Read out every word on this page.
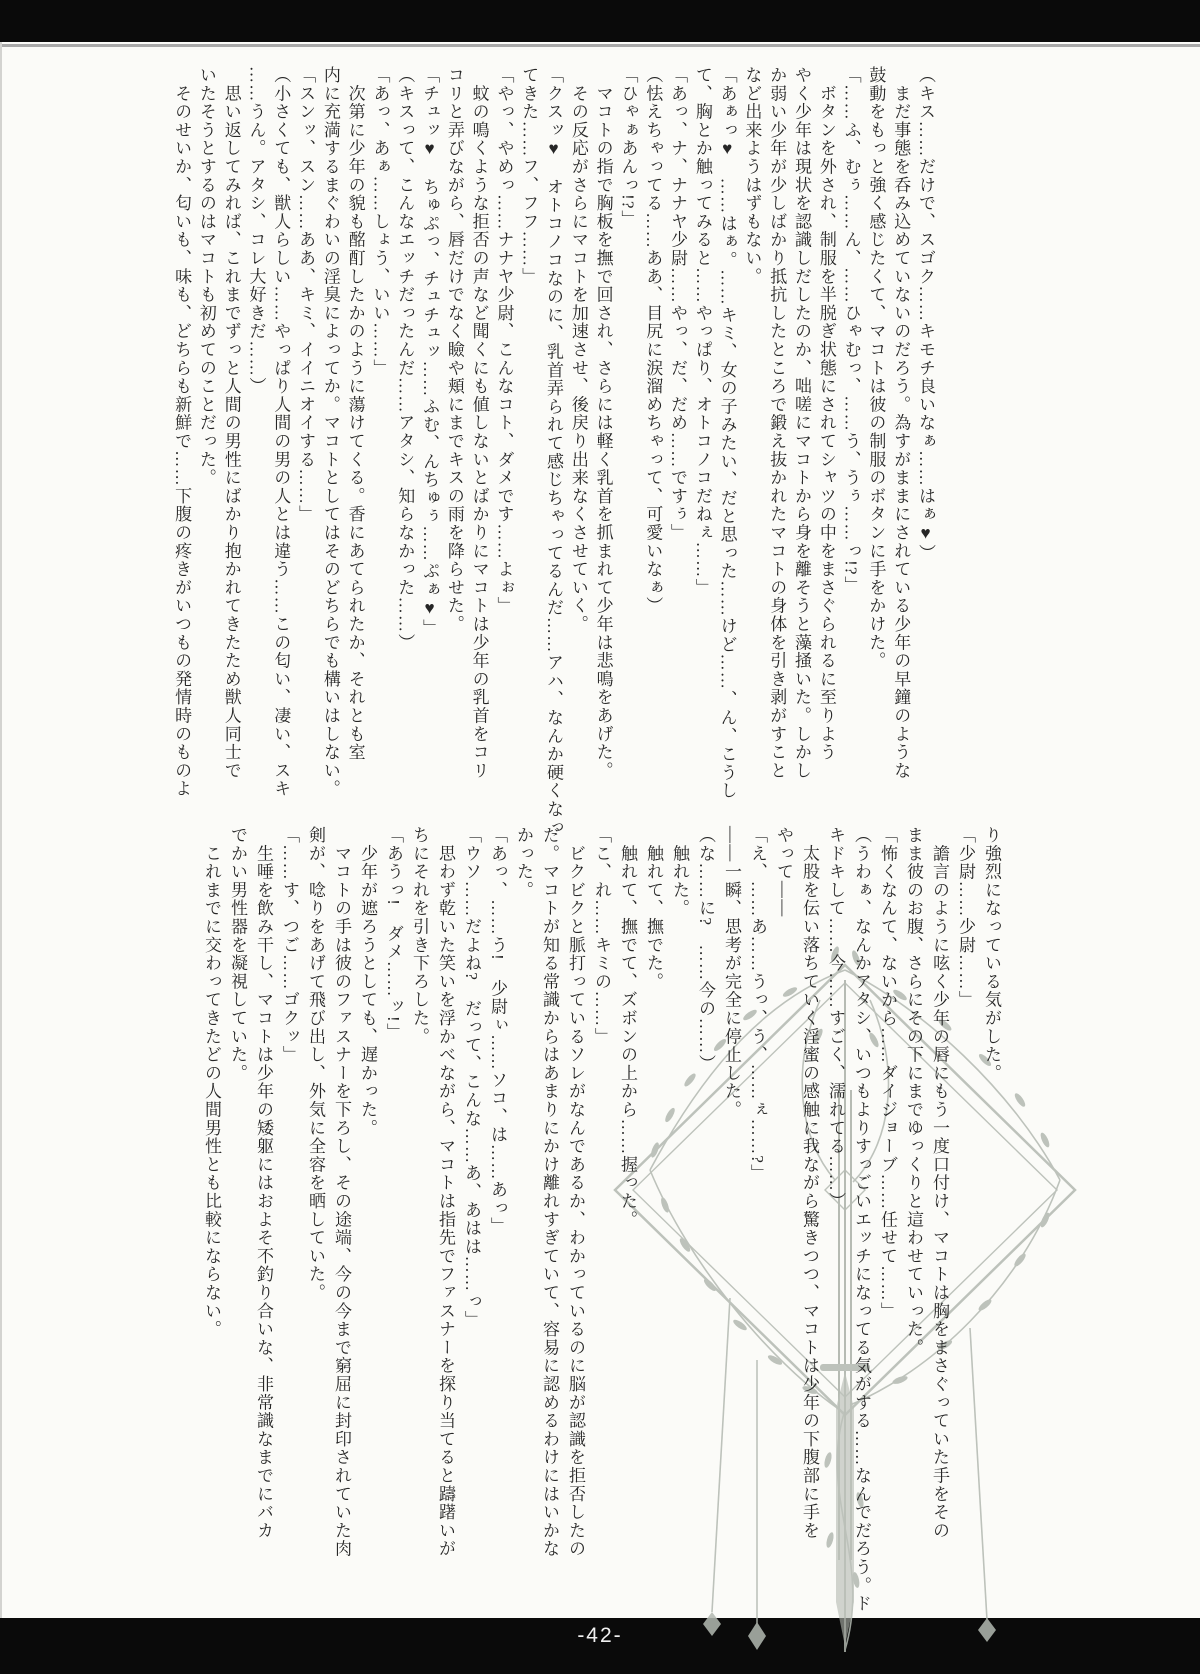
（キス……だけで、スゴク……キモチ良いなぁ……はぁ♥）

　まだ事態を呑み込めていないのだろう。為すがままにされている少年の早鐘のような

鼓動をもっと強く感じたくて、マコトは彼の制服のボタンに手をかけた。

「……ふ、むぅ……ん、……ひゃむっ、……う、うぅ……っ!?」

　ボタンを外され、制服を半脱ぎ状態にされてシャツの中をまさぐられるに至りよう

やく少年は現状を認識しだしたのか、咄嗟にマコトから身を離そうと藻掻いた。しかし

か弱い少年が少しばかり抵抗したところで鍛え抜かれたマコトの身体を引き剥がすこと

など出来ようはずもない。

「あぁっ♥　……はぁ。……キミ、女の子みたい、だと思った……けど……、ん、こうし

て、胸とか触ってみると……やっぱり、オトコノコだねぇ……」

「あっ、ナ、ナナヤ少尉……やっ、だ、だめ……ですぅ」

（怯えちゃってる……ああ、目尻に涙溜めちゃって、可愛いなぁ）

「ひゃぁあんっ!?」

　マコトの指で胸板を撫で回され、さらには軽く乳首を抓まれて少年は悲鳴をあげた。

　その反応がさらにマコトを加速させ、後戻り出来なくさせていく。

「クスッ♥　オトコノコなのに、乳首弄られて感じちゃってるんだ……アハ、なんか硬くなっ

てきた……フ、フフ……」

「やっ、やめっ……ナナヤ少尉、こんなコト、ダメです……よぉ」

　蚊の鳴くような拒否の声など聞くにも値しないとばかりにマコトは少年の乳首をコリ

コリと弄びながら、唇だけでなく瞼や頬にまでキスの雨を降らせた。

「チュッ♥　ちゅぷっ、チュチュッ……ふむ、んちゅぅ……ぷぁ♥」

（キスって、こんなエッチだったんだ……アタシ、知らなかった……）

「あっ、あぁ……しょう、いい……」

　次第に少年の貌も酩酊したかのように蕩けてくる。香にあてられたか、それとも室

内に充満するまぐわいの淫臭によってか。マコトとしてはそのどちらでも構いはしない。

「スンッ、スン……ああ、キミ、イイニオイする……」

（小さくても、獣人らしい……やっぱり人間の男の人とは違う……この匂い、凄い、スキ

……うん。アタシ、コレ大好きだ……）

　思い返してみれば、これまでずっと人間の男性にばかり抱かれてきたため獣人同士で

いたそうとするのはマコトも初めてのことだった。

　そのせいか、匂いも、味も、どちらも新鮮で……下腹の疼きがいつもの発情時のものよ

り強烈になっている気がした。

「少尉……少尉……」

　譫言のように呟く少年の唇にもう一度口付け、マコトは胸をまさぐっていた手をその

まま彼のお腹、さらにその下にまでゆっくりと這わせていった。

「怖くなんて、ないから……ダイジョーブ……任せて……」

（うわぁ、なんかアタシ、いつもよりすっごいエッチになってる気がする……なんでだろう。ド

キドキして……今……すごく、濡れてる……）

　太股を伝い落ちていく淫蜜の感触に我ながら驚きつつ、マコトは少年の下腹部に手を

やって――

「え、……あ……うっ、う、……ぇ……?」

――一瞬、思考が完全に停止した。

（な……に?　……今の……）

　触れた。

　触れて、撫でた。

　触れて、撫でて、ズボンの上から……握った。

「こ、れ……キミの……」

　ビクビクと脈打っているソレがなんであるか、わかっているのに脳が認識を拒否したの

だ。マコトが知る常識からはあまりにかけ離れすぎていて、容易に認めるわけにはいかな

かった。

「あっ、……う!　少尉ぃ……ソコ、は……あっ」

「ウソ……だよね?　だって、こんな……あ、あはは……っ」

　思わず乾いた笑いを浮かべながら、マコトは指先でファスナーを探り当てると躊躇いが

ちにそれを引き下ろした。

「あうっ!　ダメ……ッ!」

　少年が遮ろうとしても、遅かった。

　マコトの手は彼のファスナーを下ろし、その途端、今の今まで窮屈に封印されていた肉

剣が、唸りをあげて飛び出し、外気に全容を晒していた。

「……す、つご……ゴクッ」

　生唾を飲み干し、マコトは少年の矮躯にはおよそ不釣り合いな、非常識なまでにバカ

でかい男性器を凝視していた。

　これまでに交わってきたどの人間男性とも比較にならない。

-42-
